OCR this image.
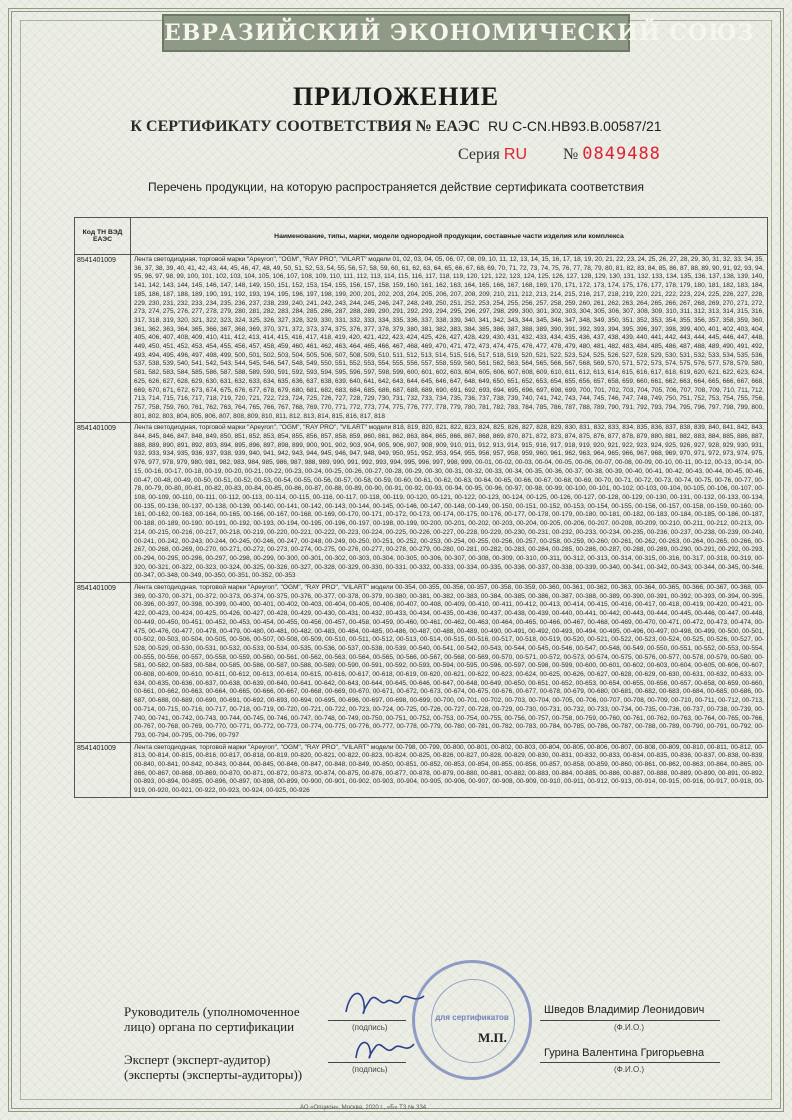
ЕВРАЗИЙСКИЙ ЭКОНОМИЧЕСКИЙ СОЮЗ
ПРИЛОЖЕНИЕ
К СЕРТИФИКАТУ СООТВЕТСТВИЯ № ЕАЭС RU C-CN.НВ93.В.00587/21
Серия RU № 0849488
Перечень продукции, на которую распространяется действие сертификата соответствия
Код ТН ВЭД ЕАЭС	Наименование, типы, марки, модели однородной продукции, составные части изделия или комплекса
8541401009	Лента светодиодная, торговой марки "Apeyron", "OGM", "RAY PRO", "VILART" модели 01, 02, 03, 04, 05, 06, 07, 08, 09, 10, 11, 12, 13, 14, 15, 16, 17, 18, 19, 20, 21, 22, 23, 24, 25, 26, 27, 28, 29, 30, 31, 32, 33, 34, 35, 36, 37, 38, 39, 40, 41, 42, 43, 44, 45, 46, 47, 48, 49, 50, 51, 52, 53, 54, 55, 56, 57, 58, 59, 60, 61, 62, 63, 64, 65, 66, 67, 68, 69, 70, 71, 72, 73, 74, 75, 76, 77, 78, 79, 80, 81, 82, 83, 84, 85, 86, 87, 88, 89, 90, 91, 92, 93, 94, 95, 96, 97, 98, 99, 100, 101, 102, 103, 104, 105, 106, 107, 108, 109, 110, 111, 112, 113, 114, 115, 116, 117, 118, 119, 120, 121, 122, 123, 124, 125, 126, 127, 128, 129, 130, 131, 132, 133, 134, 135, 136, 137, 138, 139, 140, 141, 142, 143, 144, 145, 146, 147, 148, 149, 150, 151, 152, 153, 154, 155, 156, 157, 158, 159, 160, 161, 162, 163, 164, 165, 166, 167, 168, 169, 170, 171, 172, 173, 174, 175, 176, 177, 178, 179, 180, 181, 182, 183, 184, 185, 186, 187, 188, 189, 190, 191, 192, 193, 194, 195, 196, 197, 198, 199, 200, 201, 202, 203, 204, 205, 206, 207, 208, 209, 210, 211, 212, 213, 214, 215, 216, 217, 218, 219, 220, 221, 222, 223, 224, 225, 226, 227, 228, 229, 230, 231, 232, 233, 234, 235, 236, 237, 238, 239, 240, 241, 242, 243, 244, 245, 246, 247, 248, 249, 250, 251, 252, 253, 254, 255, 256, 257, 258, 259, 260, 261, 262, 263, 264, 265, 266, 267, 268, 269, 270, 271, 272, 273, 274, 275, 276, 277, 278, 279, 280, 281, 282, 283, 284, 285, 286, 287, 288, 289, 290, 291, 292, 293, 294, 295, 296, 297, 298, 299, 300, 301, 302, 303, 304, 305, 306, 307, 308, 309, 310, 311, 312, 313, 314, 315, 316, 317, 318, 319, 320, 321, 322, 323, 324, 325, 326, 327, 328, 329, 330, 331, 332, 333, 334, 335, 336, 337, 338, 339, 340, 341, 342, 343, 344, 345, 346, 347, 348, 349, 350, 351, 352, 353, 354, 355, 356, 357, 358, 359, 360, 361, 362, 363, 364, 365, 366, 367, 368, 369, 370, 371, 372, 373, 374, 375, 376, 377, 378, 379, 380, 381, 382, 383, 384, 385, 386, 387, 388, 389, 390, 391, 392, 393, 394, 395, 396, 397, 398, 399, 400, 401, 402, 403, 404, 405, 406, 407, 408, 409, 410, 411, 412, 413, 414, 415, 416, 417, 418, 419, 420, 421, 422, 423, 424, 425, 426, 427, 428, 429, 430, 431, 432, 433, 434, 435, 436, 437, 438, 439, 440, 441, 442, 443, 444, 445, 446, 447, 448, 449, 450, 451, 452, 453, 454, 455, 456, 457, 458, 459, 460, 461, 462, 463, 464, 465, 466, 467, 468, 469, 470, 471, 472, 473, 474, 475, 476, 477, 478, 479, 480, 481, 482, 483, 484, 485, 486, 487, 488, 489, 490, 491, 492, 493, 494, 495, 496, 497, 498, 499, 500, 501, 502, 503, 504, 505, 506, 507, 508, 509, 510, 511, 512, 513, 514, 515, 516, 517, 518, 519, 520, 521, 522, 523, 524, 525, 526, 527, 528, 529, 530, 531, 532, 533, 534, 535, 536, 537, 538, 539, 540, 541, 542, 543, 544, 545, 546, 547, 548, 549, 550, 551, 552, 553, 554, 555, 556, 557, 558, 559, 560, 561, 562, 563, 564, 565, 566, 567, 568, 569, 570, 571, 572, 573, 574, 575, 576, 577, 578, 579, 580, 581, 582, 583, 584, 585, 586, 587, 588, 589, 590, 591, 592, 593, 594, 595, 596, 597, 598, 599, 600, 601, 602, 603, 604, 605, 606, 607, 608, 609, 610, 611, 612, 613, 614, 615, 616, 617, 618, 619, 620, 621, 622, 623, 624, 625, 626, 627, 628, 629, 630, 631, 632, 633, 634, 635, 636, 637, 638, 639, 640, 641, 642, 643, 644, 645, 646, 647, 648, 649, 650, 651, 652, 653, 654, 655, 656, 657, 658, 659, 660, 661, 662, 663, 664, 665, 666, 667, 668, 669, 670, 671, 672, 673, 674, 675, 676, 677, 678, 679, 680, 681, 682, 683, 684, 685, 686, 687, 688, 689, 690, 691, 692, 693, 694, 695, 696, 697, 698, 699, 700, 701, 702, 703, 704, 705, 706, 707, 708, 709, 710, 711, 712, 713, 714, 715, 716, 717, 718, 719, 720, 721, 722, 723, 724, 725, 726, 727, 728, 729, 730, 731, 732, 733, 734, 735, 736, 737, 738, 739, 740, 741, 742, 743, 744, 745, 746, 747, 748, 749, 750, 751, 752, 753, 754, 755, 756, 757, 758, 759, 760, 761, 762, 763, 764, 765, 766, 767, 768, 769, 770, 771, 772, 773, 774, 775, 776, 777, 778, 779, 780, 781, 782, 783, 784, 785, 786, 787, 788, 789, 790, 791, 792, 793, 794, 795, 796, 797, 798, 799, 800, 801, 802, 803, 804, 805, 806, 807, 808, 809, 810, 811, 812, 813, 814, 815, 816, 817, 818
8541401009	Лента светодиодная, торговой марки "Apeyron", "OGM", "RAY PRO", "VILART" модели 818, 819, 820, 821, 822, 823, 824, 825, 826, 827, 828, 829, 830, 831, 832, 833, 834, 835, 836, 837, 838, 839, 840, 841, 842, 843, 844, 845, 846, 847, 848, 849, 850, 851, 852, 853, 854, 855, 856, 857, 858, 859, 860, 861, 862, 863, 864, 865, 866, 867, 868, 869, 870, 871, 872, 873, 874, 875, 876, 877, 878, 879, 880, 881, 882, 883, 884, 885, 886, 887, 888, 889, 890, 891, 892, 893, 894, 895, 896, 897, 898, 899, 900, 901, 902, 903, 904, 905, 906, 907, 908, 909, 910, 911, 912, 913, 914, 915, 916, 917, 918, 919, 920, 921, 922, 923, 924, 925, 926, 927, 928, 929, 930, 931, 932, 933, 934, 935, 936, 937, 938, 939, 940, 941, 942, 943, 944, 945, 946, 947, 948, 949, 950, 951, 952, 953, 954, 955, 956, 957, 958, 959, 960, 961, 962, 963, 964, 965, 966, 967, 968, 969, 970, 971, 972, 973, 974, 975, 976, 977, 978, 979, 980, 981, 982, 983, 984, 985, 986, 987, 988, 989, 990, 991, 992, 993, 994, 995, 996, 997, 998, 999, 00-01, 00-02, 00-03, 00-04, 00-05, 00-06, 00-07, 00-08, 00-09, 00-10, 00-11, 00-12, 00-13, 00-14, 00-15, 00-16, 00-17, 00-18, 00-19, 00-20, 00-21, 00-22, 00-23, 00-24, 00-25, 00-26, 00-27, 00-28, 00-29, 00-30, 00-31, 00-32, 00-33, 00-34, 00-35, 00-36, 00-37, 00-38, 00-39, 00-40, 00-41, 00-42, 00-43, 00-44, 00-45, 00-46, 00-47, 00-48, 00-49, 00-50, 00-51, 00-52, 00-53, 00-54, 00-55, 00-56, 00-57, 00-58, 00-59, 00-60, 00-61, 00-62, 00-63, 00-64, 00-65, 00-66, 00-67, 00-68, 00-69, 00-70, 00-71, 00-72, 00-73, 00-74, 00-75, 00-76, 00-77, 00-78, 00-79, 00-80, 00-81, 00-82, 00-83, 00-84, 00-85, 00-86, 00-87, 00-88, 00-89, 00-90, 00-91, 00-92, 00-93, 00-94, 00-95, 00-96, 00-97, 00-98, 00-99, 00-100, 00-101, 00-102, 00-103, 00-104, 00-105, 00-106, 00-107, 00-108, 00-109, 00-110, 00-111, 00-112, 00-113, 00-114, 00-115, 00-116, 00-117, 00-118, 00-119, 00-120, 00-121, 00-122, 00-123, 00-124, 00-125, 00-126, 00-127, 00-128, 00-129, 00-130, 00-131, 00-132, 00-133, 00-134, 00-135, 00-136, 00-137, 00-138, 00-139, 00-140, 00-141, 00-142, 00-143, 00-144, 00-145, 00-146, 00-147, 00-148, 00-149, 00-150, 00-151, 00-152, 00-153, 00-154, 00-155, 00-156, 00-157, 00-158, 00-159, 00-160, 00-161, 00-162, 00-163, 00-164, 00-165, 00-166, 00-167, 00-168, 00-169, 00-170, 00-171, 00-172, 00-173, 00-174, 00-175, 00-176, 00-177, 00-178, 00-179, 00-180, 00-181, 00-182, 00-183, 00-184, 00-185, 00-186, 00-187, 00-188, 00-189, 00-190, 00-191, 00-192, 00-193, 00-194, 00-195, 00-196, 00-197, 00-198, 00-199, 00-200, 00-201, 00-202, 00-203, 00-204, 00-205, 00-206, 00-207, 00-208, 00-209, 00-210, 00-211, 00-212, 00-213, 00-214, 00-215, 00-216, 00-217, 00-218, 00-219, 00-220, 00-221, 00-222, 00-223, 00-224, 00-225, 00-226, 00-227, 00-228, 00-229, 00-230, 00-231, 00-232, 00-233, 00-234, 00-235, 00-236, 00-237, 00-238, 00-239, 00-240, 00-241, 00-242, 00-243, 00-244, 00-245, 00-246, 00-247, 00-248, 00-249, 00-250, 00-251, 00-252, 00-253, 00-254, 00-255, 00-256, 00-257, 00-258, 00-259, 00-260, 00-261, 00-262, 00-263, 00-264, 00-265, 00-266, 00-267, 00-268, 00-269, 00-270, 00-271, 00-272, 00-273, 00-274, 00-275, 00-276, 00-277, 00-278, 00-279, 00-280, 00-281, 00-282, 00-283, 00-284, 00-285, 00-286, 00-287, 00-288, 00-289, 00-290, 00-291, 00-292, 00-293, 00-294, 00-295, 00-296, 00-297, 00-298, 00-299, 00-300, 00-301, 00-302, 00-303, 00-304, 00-305, 00-306, 00-307, 00-308, 00-309, 00-310, 00-311, 00-312, 00-313, 00-314, 00-315, 00-316, 00-317, 00-318, 00-319, 00-320, 00-321, 00-322, 00-323, 00-324, 00-325, 00-326, 00-327, 00-328, 00-329, 00-330, 00-331, 00-332, 00-333, 00-334, 00-335, 00-336, 00-337, 00-338, 00-339, 00-340, 00-341, 00-342, 00-343, 00-344, 00-345, 00-346, 00-347, 00-348, 00-349, 00-350, 00-351, 00-352, 00-353
8541401009	Лента светодиодная, торговой марки "Apeyron", "OGM", "RAY PRO", "VILART" модели 00-354, 00-355, 00-356, 00-357, 00-358, 00-359, 00-360, 00-361, 00-362, 00-363, 00-364, 00-365, 00-366, 00-367, 00-368, 00-369, 00-370, 00-371, 00-372, 00-373, 00-374, 00-375, 00-376, 00-377, 00-378, 00-379, 00-380, 00-381, 00-382, 00-383, 00-384, 00-385, 00-386, 00-387, 00-388, 00-389, 00-390, 00-391, 00-392, 00-393, 00-394, 00-395, 00-396, 00-397, 00-398, 00-399, 00-400, 00-401, 00-402, 00-403, 00-404, 00-405, 00-406, 00-407, 00-408, 00-409, 00-410, 00-411, 00-412, 00-413, 00-414, 00-415, 00-416, 00-417, 00-418, 00-419, 00-420, 00-421, 00-422, 00-423, 00-424, 00-425, 00-426, 00-427, 00-428, 00-429, 00-430, 00-431, 00-432, 00-433, 00-434, 00-435, 00-436, 00-437, 00-438, 00-439, 00-440, 00-441, 00-442, 00-443, 00-444, 00-445, 00-446, 00-447, 00-448, 00-449, 00-450, 00-451, 00-452, 00-453, 00-454, 00-455, 00-456, 00-457, 00-458, 00-459, 00-460, 00-461, 00-462, 00-463, 00-464, 00-465, 00-466, 00-467, 00-468, 00-469, 00-470, 00-471, 00-472, 00-473, 00-474, 00-475, 00-476, 00-477, 00-478, 00-479, 00-480, 00-481, 00-482, 00-483, 00-484, 00-485, 00-486, 00-487, 00-488, 00-489, 00-490, 00-491, 00-492, 00-493, 00-494, 00-495, 00-496, 00-497, 00-498, 00-499, 00-500, 00-501, 00-502, 00-503, 00-504, 00-505, 00-506, 00-507, 00-508, 00-509, 00-510, 00-511, 00-512, 00-513, 00-514, 00-515, 00-516, 00-517, 00-518, 00-519, 00-520, 00-521, 00-522, 00-523, 00-524, 00-525, 00-526, 00-527, 00-528, 00-529, 00-530, 00-531, 00-532, 00-533, 00-534, 00-535, 00-536, 00-537, 00-538, 00-539, 00-540, 00-541, 00-542, 00-543, 00-544, 00-545, 00-546, 00-547, 00-548, 00-549, 00-550, 00-551, 00-552, 00-553, 00-554, 00-555, 00-556, 00-557, 00-558, 00-559, 00-560, 00-561, 00-562, 00-563, 00-564, 00-565, 00-566, 00-567, 00-568, 00-569, 00-570, 00-571, 00-572, 00-573, 00-574, 00-575, 00-576, 00-577, 00-578, 00-579, 00-580, 00-581, 00-582, 00-583, 00-584, 00-585, 00-586, 00-587, 00-588, 00-589, 00-590, 00-591, 00-592, 00-593, 00-594, 00-595, 00-596, 00-597, 00-598, 00-599, 00-600, 00-601, 00-602, 00-603, 00-604, 00-605, 00-606, 00-607, 00-608, 00-609, 00-610, 00-611, 00-612, 00-613, 00-614, 00-615, 00-616, 00-617, 00-618, 00-619, 00-620, 00-621, 00-622, 00-623, 00-624, 00-625, 00-626, 00-627, 00-628, 00-629, 00-630, 00-631, 00-632, 00-633, 00-634, 00-635, 00-636, 00-637, 00-638, 00-639, 00-640, 00-641, 00-642, 00-643, 00-644, 00-645, 00-646, 00-647, 00-648, 00-649, 00-650, 00-651, 00-652, 00-653, 00-654, 00-655, 00-656, 00-657, 00-658, 00-659, 00-660, 00-661, 00-662, 00-663, 00-664, 00-665, 00-666, 00-667, 00-668, 00-669, 00-670, 00-671, 00-672, 00-673, 00-674, 00-675, 00-676, 00-677, 00-678, 00-679, 00-680, 00-681, 00-682, 00-683, 00-684, 00-685, 00-686, 00-687, 00-688, 00-689, 00-690, 00-691, 00-692, 00-693, 00-694, 00-695, 00-696, 00-697, 00-698, 00-699, 00-700, 00-701, 00-702, 00-703, 00-704, 00-705, 00-706, 00-707, 00-708, 00-709, 00-710, 00-711, 00-712, 00-713, 00-714, 00-715, 00-716, 00-717, 00-718, 00-719, 00-720, 00-721, 00-722, 00-723, 00-724, 00-725, 00-726, 00-727, 00-728, 00-729, 00-730, 00-731, 00-732, 00-733, 00-734, 00-735, 00-736, 00-737, 00-738, 00-739, 00-740, 00-741, 00-742, 00-743, 00-744, 00-745, 00-746, 00-747, 00-748, 00-749, 00-750, 00-751, 00-752, 00-753, 00-754, 00-755, 00-756, 00-757, 00-758, 00-759, 00-760, 00-761, 00-762, 00-763, 00-764, 00-765, 00-766, 00-767, 00-768, 00-769, 00-770, 00-771, 00-772, 00-773, 00-774, 00-775, 00-776, 00-777, 00-778, 00-779, 00-780, 00-781, 00-782, 00-783, 00-784, 00-785, 00-786, 00-787, 00-788, 00-789, 00-790, 00-791, 00-792, 00-793, 00-794, 00-795, 00-796, 00-797
8541401009	Лента светодиодная, торговой марки "Apeyron", "OGM", "RAY PRO", "VILART" модели 00-798, 00-799, 00-800, 00-801, 00-802, 00-803, 00-804, 00-805, 00-806, 00-807, 00-808, 00-809, 00-810, 00-811, 00-812, 00-813, 00-814, 00-815, 00-816, 00-817, 00-818, 00-819, 00-820, 00-821, 00-822, 00-823, 00-824, 00-825, 00-826, 00-827, 00-828, 00-829, 00-830, 00-831, 00-832, 00-833, 00-834, 00-835, 00-836, 00-837, 00-838, 00-839, 00-840, 00-841, 00-842, 00-843, 00-844, 00-845, 00-846, 00-847, 00-848, 00-849, 00-850, 00-851, 00-852, 00-853, 00-854, 00-855, 00-856, 00-857, 00-858, 00-859, 00-860, 00-861, 00-862, 00-863, 00-864, 00-865, 00-866, 00-867, 00-868, 00-869, 00-870, 00-871, 00-872, 00-873, 00-874, 00-875, 00-876, 00-877, 00-878, 00-879, 00-880, 00-881, 00-882, 00-883, 00-884, 00-885, 00-886, 00-887, 00-888, 00-889, 00-890, 00-891, 00-892, 00-893, 00-894, 00-895, 00-896, 00-897, 00-898, 00-899, 00-900, 00-901, 00-902, 00-903, 00-904, 00-905, 00-906, 00-907, 00-908, 00-909, 00-910, 00-911, 00-912, 00-913, 00-914, 00-915, 00-916, 00-917, 00-918, 00-919, 00-920, 00-921, 00-922, 00-923, 00-924, 00-925, 00-926
Руководитель (уполномоченное
лицо) органа по сертификации	(подпись)
Шведов Владимир Леонидович
(Ф.И.О.)
М.П.
Эксперт (эксперт-аудитор)
(эксперты (эксперты-аудиторы))	(подпись)
Гурина Валентина Григорьевна
(Ф.И.О.)
для сертификатов
АО «Опцион», Москва, 2020 г., «Б» ТЗ № 334
